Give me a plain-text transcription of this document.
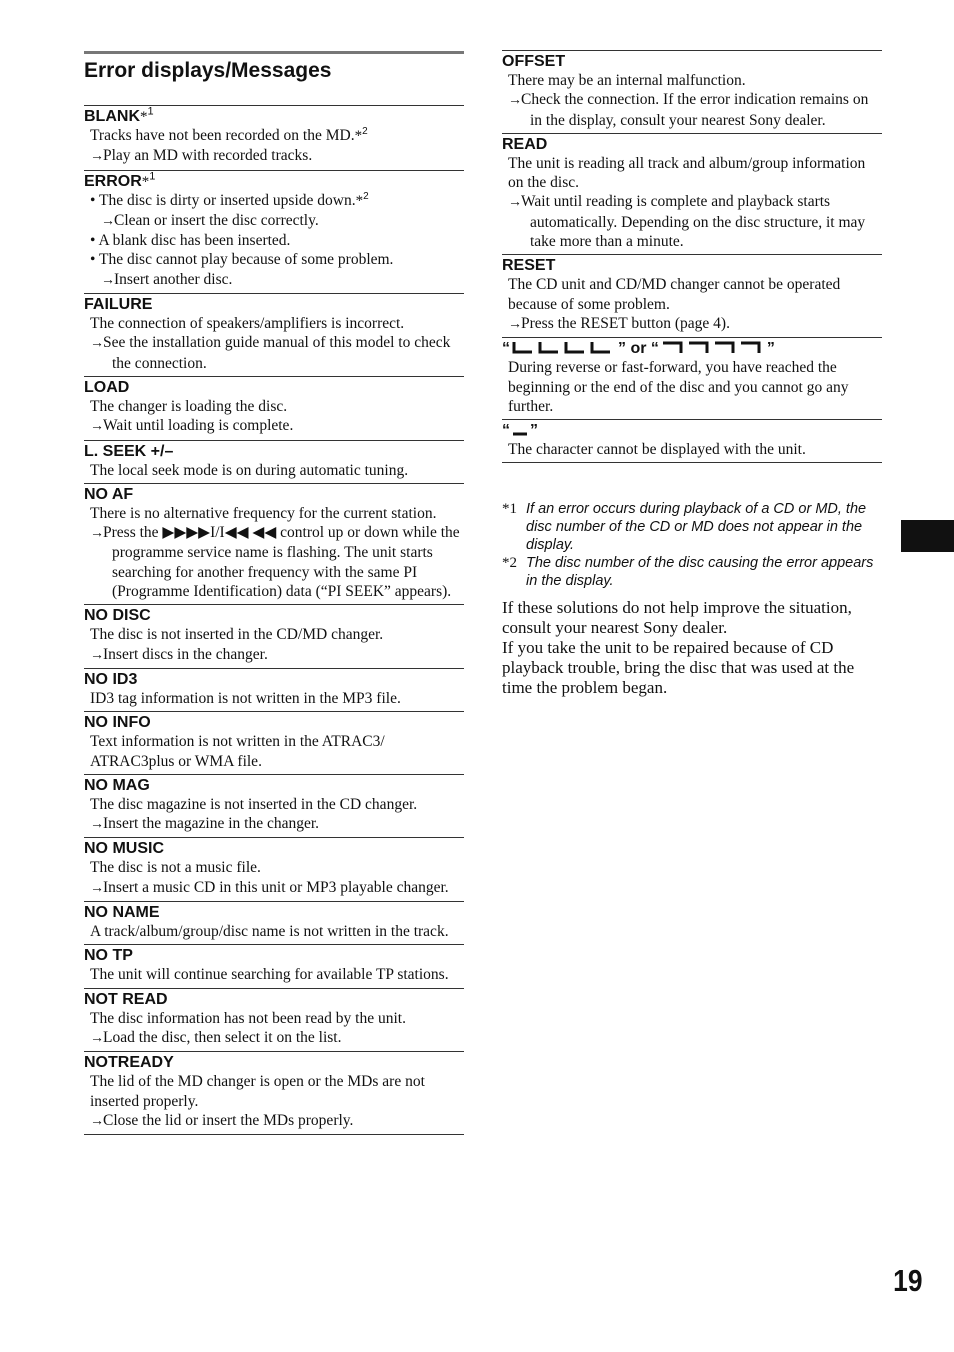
Error displays/Messages
BLANK*$^1$
Tracks have not been recorded on the MD.*$^2$
→Play an MD with recorded tracks.
ERROR*$^1$
• The disc is dirty or inserted upside down.*$^2$
→Clean or insert the disc correctly.
• A blank disc has been inserted.
• The disc cannot play because of some problem.
→Insert another disc.
FAILURE
The connection of speakers/amplifiers is incorrect.
→See the installation guide manual of this model to check the connection.
LOAD
The changer is loading the disc.
→Wait until loading is complete.
L. SEEK +/–
The local seek mode is on during automatic tuning.
NO AF
There is no alternative frequency for the current station.
→Press the ▶▶▶▶I/I◀◀ ◀◀ control up or down while the programme service name is flashing. The unit starts searching for another frequency with the same PI (Programme Identification) data (“PI SEEK” appears).
NO DISC
The disc is not inserted in the CD/MD changer.
→Insert discs in the changer.
NO ID3
ID3 tag information is not written in the MP3 file.
NO INFO
Text information is not written in the ATRAC3/ ATRAC3plus or WMA file.
NO MAG
The disc magazine is not inserted in the CD changer.
→Insert the magazine in the changer.
NO MUSIC
The disc is not a music file.
→Insert a music CD in this unit or MP3 playable changer.
NO NAME
A track/album/group/disc name is not written in the track.
NO TP
The unit will continue searching for available TP stations.
NOT READ
The disc information has not been read by the unit.
→Load the disc, then select it on the list.
NOTREADY
The lid of the MD changer is open or the MDs are not inserted properly.
→Close the lid or insert the MDs properly.
OFFSET
There may be an internal malfunction.
→Check the connection. If the error indication remains on in the display, consult your nearest Sony dealer.
READ
The unit is reading all track and album/group information on the disc.
→Wait until reading is complete and playback starts automatically. Depending on the disc structure, it may take more than a minute.
RESET
The CD unit and CD/MD changer cannot be operated because of some problem.
→Press the RESET button (page 4).
“	” or “	”
During reverse or fast-forward, you have reached the beginning or the end of the disc and you cannot go any further.
“ ”
The character cannot be displayed with the unit.
*1 If an error occurs during playback of a CD or MD, the disc number of the CD or MD does not appear in the display.
*2 The disc number of the disc causing the error appears in the display.
If these solutions do not help improve the situation, consult your nearest Sony dealer.
If you take the unit to be repaired because of CD playback trouble, bring the disc that was used at the time the problem began.
19
